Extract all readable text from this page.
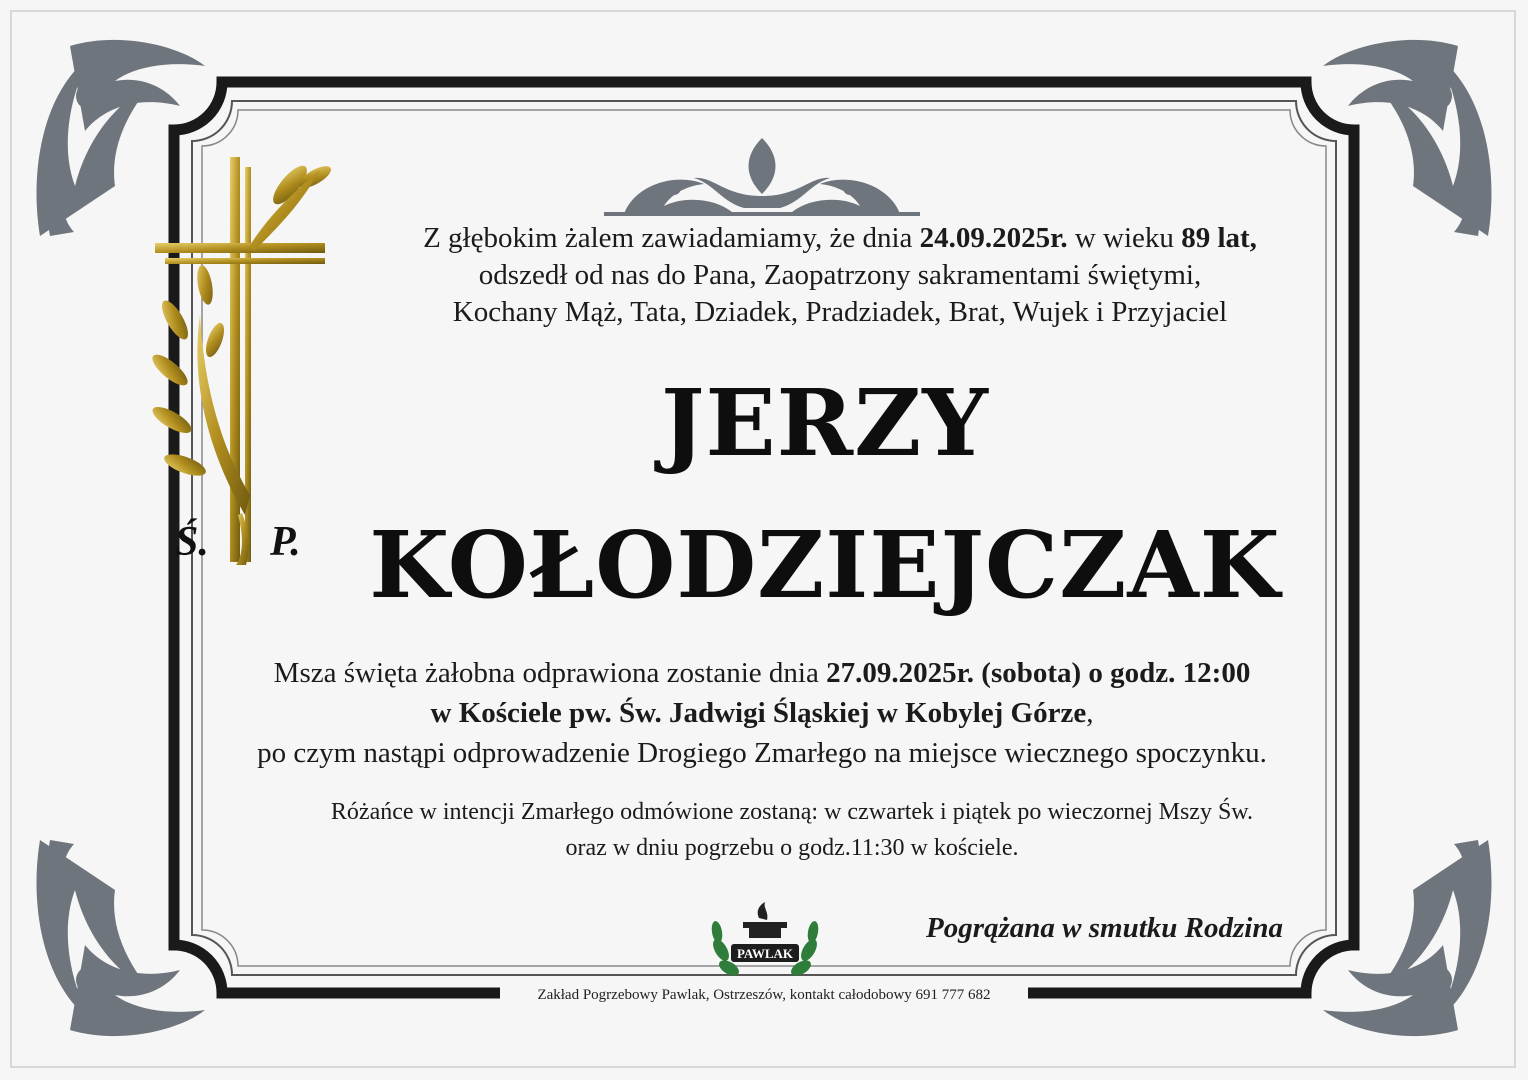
Ś. P.
Z głębokim żalem zawiadamiamy, że dnia 24.09.2025r. w wieku 89 lat,
odszedł od nas do Pana, Zaopatrzony sakramentami świętymi,
Kochany Mąż, Tata, Dziadek, Pradziadek, Brat, Wujek i Przyjaciel
JERZY
KOŁODZIEJCZAK
Msza święta żałobna odprawiona zostanie dnia 27.09.2025r. (sobota) o godz. 12:00
w Kościele pw. Św. Jadwigi Śląskiej w Kobylej Górze,
po czym nastąpi odprowadzenie Drogiego Zmarłego na miejsce wiecznego spoczynku.
Różańce w intencji Zmarłego odmówione zostaną: w czwartek i piątek po wieczornej Mszy Św.
oraz w dniu pogrzebu o godz.11:30 w kościele.
PAWLAK
Pogrążana w smutku Rodzina
Zakład Pogrzebowy Pawlak, Ostrzeszów, kontakt całodobowy 691 777 682
